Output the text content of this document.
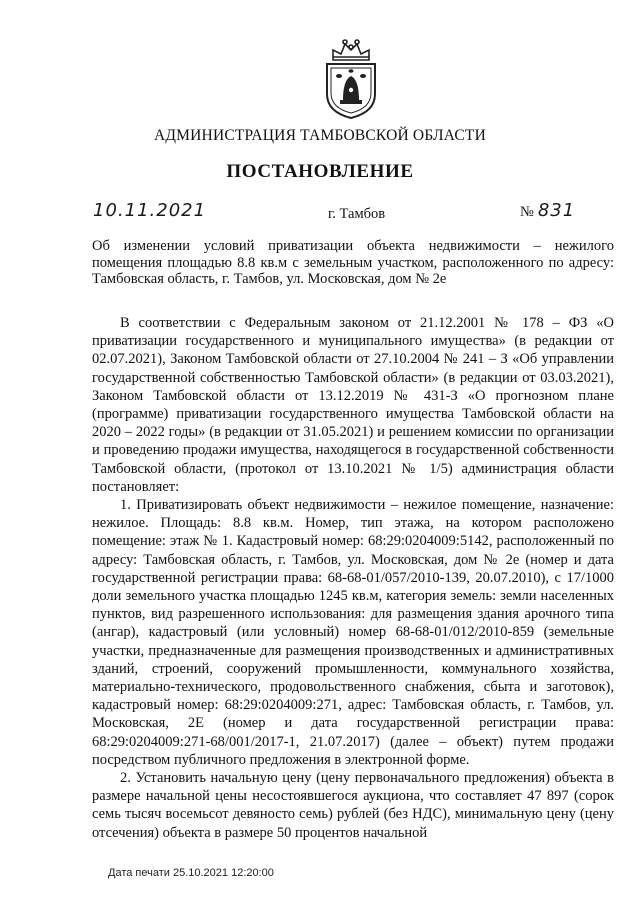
АДМИНИСТРАЦИЯ ТАМБОВСКОЙ ОБЛАСТИ
ПОСТАНОВЛЕНИЕ
10.11.2021	г. Тамбов	№ 831
Об изменении условий приватизации объекта недвижимости – нежилого помещения площадью 8.8 кв.м с земельным участком, расположенного по адресу: Тамбовская область, г. Тамбов, ул. Московская, дом № 2е

В соответствии с Федеральным законом от 21.12.2001 № 178 – ФЗ «О приватизации государственного и муниципального имущества» (в редакции от 02.07.2021), Законом Тамбовской области от 27.10.2004 № 241 – З «Об управлении государственной собственностью Тамбовской области» (в редакции от 03.03.2021), Законом Тамбовской области от 13.12.2019 № 431-З «О прогнозном плане (программе) приватизации государственного имущества Тамбовской области на 2020 – 2022 годы» (в редакции от 31.05.2021) и решением комиссии по организации и проведению продажи имущества, находящегося в государственной собственности Тамбовской области, (протокол от 13.10.2021 № 1/5) администрация области постановляет:

1. Приватизировать объект недвижимости – нежилое помещение, назначение: нежилое. Площадь: 8.8 кв.м. Номер, тип этажа, на котором расположено помещение: этаж № 1. Кадастровый номер: 68:29:0204009:5142, расположенный по адресу: Тамбовская область, г. Тамбов, ул. Московская, дом № 2е (номер и дата государственной регистрации права: 68-68-01/057/2010-139, 20.07.2010), с 17/1000 доли земельного участка площадью 1245 кв.м, категория земель: земли населенных пунктов, вид разрешенного использования: для размещения здания арочного типа (ангар), кадастровый (или условный) номер 68-68-01/012/2010-859 (земельные участки, предназначенные для размещения производственных и административных зданий, строений, сооружений промышленности, коммунального хозяйства, материально-технического, продовольственного снабжения, сбыта и заготовок), кадастровый номер: 68:29:0204009:271, адрес: Тамбовская область, г. Тамбов, ул. Московская, 2Е (номер и дата государственной регистрации права: 68:29:0204009:271-68/001/2017-1, 21.07.2017) (далее – объект) путем продажи посредством публичного предложения в электронной форме.

2. Установить начальную цену (цену первоначального предложения) объекта в размере начальной цены несостоявшегося аукциона, что составляет 47 897 (сорок семь тысяч восемьсот девяносто семь) рублей (без НДС), минимальную цену (цену отсечения) объекта в размере 50 процентов начальной

Дата печати 25.10.2021 12:20:00
